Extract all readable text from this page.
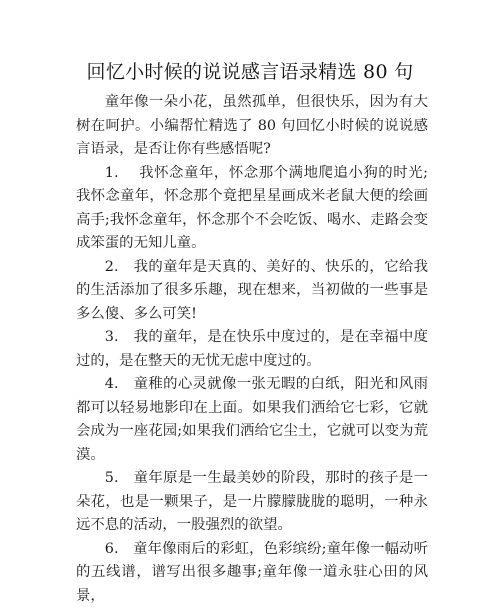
回忆小时候的说说感言语录精选 80 句

童年像一朵小花，虽然孤单，但很快乐，因为有大树在呵护。小编帮忙精选了 80 句回忆小时候的说说感言语录，是否让你有些感悟呢?

1.　 我怀念童年，怀念那个满地爬追小狗的时光;我怀念童年，怀念那个竟把星星画成米老鼠大便的绘画高手;我怀念童年，怀念那个不会吃饭、喝水、走路会变成笨蛋的无知儿童。

2.　我的童年是天真的、美好的、快乐的，它给我的生活添加了很多乐趣，现在想来，当初做的一些事是多么傻、多么可笑!

3.　我的童年，是在快乐中度过的，是在幸福中度过的，是在整天的无忧无虑中度过的。

4.　童稚的心灵就像一张无暇的白纸，阳光和风雨都可以轻易地影印在上面。如果我们洒给它七彩，它就会成为一座花园;如果我们洒给它尘土，它就可以变为荒漠。

5.　童年原是一生最美妙的阶段，那时的孩子是一朵花，也是一颗果子，是一片朦朦胧胧的聪明，一种永远不息的活动，一股强烈的欲望。

6.　童年像雨后的彩虹，色彩缤纷;童年像一幅动听的五线谱，谱写出很多趣事;童年像一道永驻心田的风景，
